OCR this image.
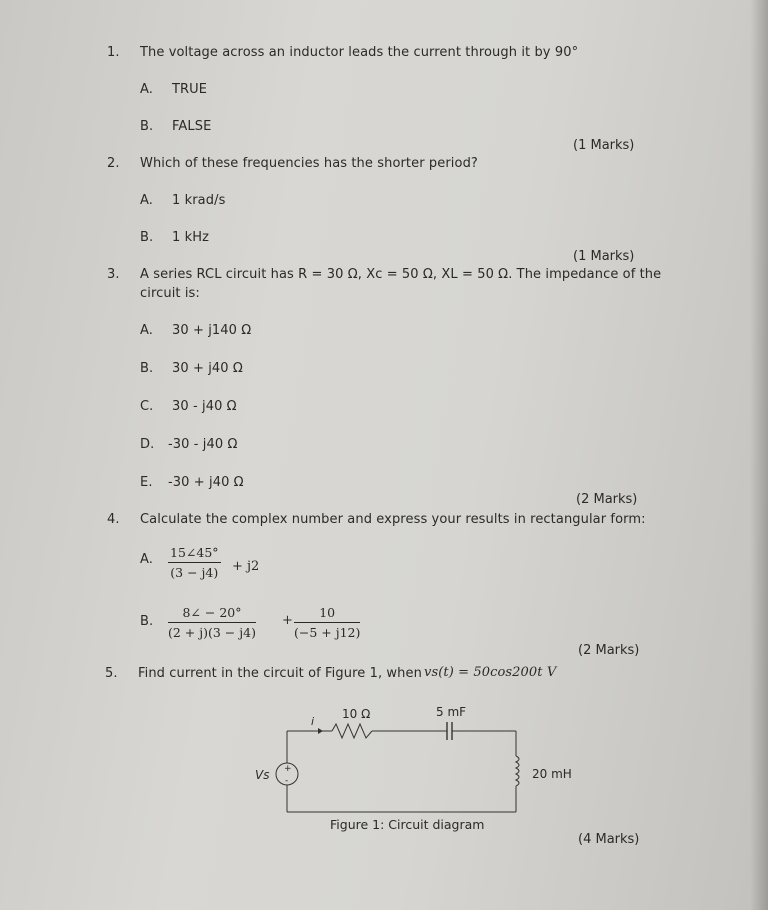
1. The voltage across an inductor leads the current through it by 90°
A. TRUE
B. FALSE
(1 Marks)
2. Which of these frequencies has the shorter period?
A. 1 krad/s
B. 1 kHz
(1 Marks)
3. A series RCL circuit has R = 30 Ω, Xc = 50 Ω, XL = 50 Ω. The impedance of the
circuit is:
A. 30 + j140 Ω
B. 30 + j40 Ω
C. 30 - j40 Ω
D. -30 - j40 Ω
E. -30 + j40 Ω
(2 Marks)
4. Calculate the complex number and express your results in rectangular form:
A. $\frac{15\angle 45^\circ}{(3 - j4)} + j2$
B. $\frac{8\angle - 20^\circ}{(2 + j)(3 - j4)} + \frac{10}{(-5 + j12)}$
(2 Marks)
5. Find current in the circuit of Figure 1, when vs(t) = 50cos200t V
i
10 Ω	5 mF
20 mH
+
-
Vs
Figure 1: Circuit diagram
(4 Marks)
